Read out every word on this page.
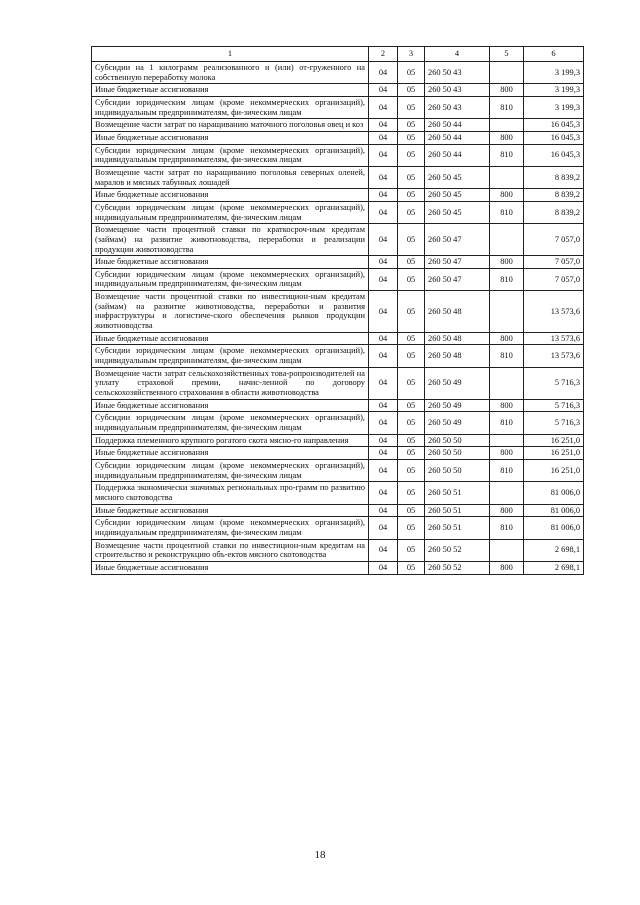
1	2	3	4	5	6
Субсидии на 1 килограмм реализованного и (или) от-груженного на собственную переработку молока	04	05	260 50 43		3 199,3
Иные бюджетные ассигнования	04	05	260 50 43	800	3 199,3
Субсидии юридическим лицам (кроме некоммерческих организаций), индивидуальным предпринимателям, фи-зическим лицам	04	05	260 50 43	810	3 199,3
Возмещение части затрат по наращиванию маточного поголовья овец и коз	04	05	260 50 44		16 045,3
Иные бюджетные ассигнования	04	05	260 50 44	800	16 045,3
Субсидии юридическим лицам (кроме некоммерческих организаций), индивидуальным предпринимателям, фи-зическим лицам	04	05	260 50 44	810	16 045,3
Возмещение части затрат по наращиванию поголовья северных оленей, маралов и мясных табунных лошадей	04	05	260 50 45		8 839,2
Иные бюджетные ассигнования	04	05	260 50 45	800	8 839,2
Субсидии юридическим лицам (кроме некоммерческих организаций), индивидуальным предпринимателям, фи-зическим лицам	04	05	260 50 45	810	8 839,2
Возмещение части процентной ставки по краткосроч-ным кредитам (займам) на развитие животноводства, переработки и реализации продукции животноводства	04	05	260 50 47		7 057,0
Иные бюджетные ассигнования	04	05	260 50 47	800	7 057,0
Субсидии юридическим лицам (кроме некоммерческих организаций), индивидуальным предпринимателям, фи-зическим лицам	04	05	260 50 47	810	7 057,0
Возмещение части процентной ставки по инвестицион-ным кредитам (займам) на развитие животноводства, переработки и развития инфраструктуры и логистиче-ского обеспечения рынков продукции животноводства	04	05	260 50 48		13 573,6
Иные бюджетные ассигнования	04	05	260 50 48	800	13 573,6
Субсидии юридическим лицам (кроме некоммерческих организаций), индивидуальным предпринимателям, фи-зическим лицам	04	05	260 50 48	810	13 573,6
Возмещение части затрат сельскохозяйственных това-ропроизводителей на уплату страховой премии, начис-ленной по договору сельскохозяйственного страхования в области животноводства	04	05	260 50 49		5 716,3
Иные бюджетные ассигнования	04	05	260 50 49	800	5 716,3
Субсидии юридическим лицам (кроме некоммерческих организаций), индивидуальным предпринимателям, фи-зическим лицам	04	05	260 50 49	810	5 716,3
Поддержка племенного крупного рогатого скота мясно-го направления	04	05	260 50 50		16 251,0
Иные бюджетные ассигнования	04	05	260 50 50	800	16 251,0
Субсидии юридическим лицам (кроме некоммерческих организаций), индивидуальным предпринимателям, фи-зическим лицам	04	05	260 50 50	810	16 251,0
Поддержка экономически значимых региональных про-грамм по развитию мясного скотоводства	04	05	260 50 51		81 006,0
Иные бюджетные ассигнования	04	05	260 50 51	800	81 006,0
Субсидии юридическим лицам (кроме некоммерческих организаций), индивидуальным предпринимателям, фи-зическим лицам	04	05	260 50 51	810	81 006,0
Возмещение части процентной ставки по инвестицион-ным кредитам на строительство и реконструкцию объ-ектов мясного скотоводства	04	05	260 50 52		2 698,1
Иные бюджетные ассигнования	04	05	260 50 52	800	2 698,1
18
